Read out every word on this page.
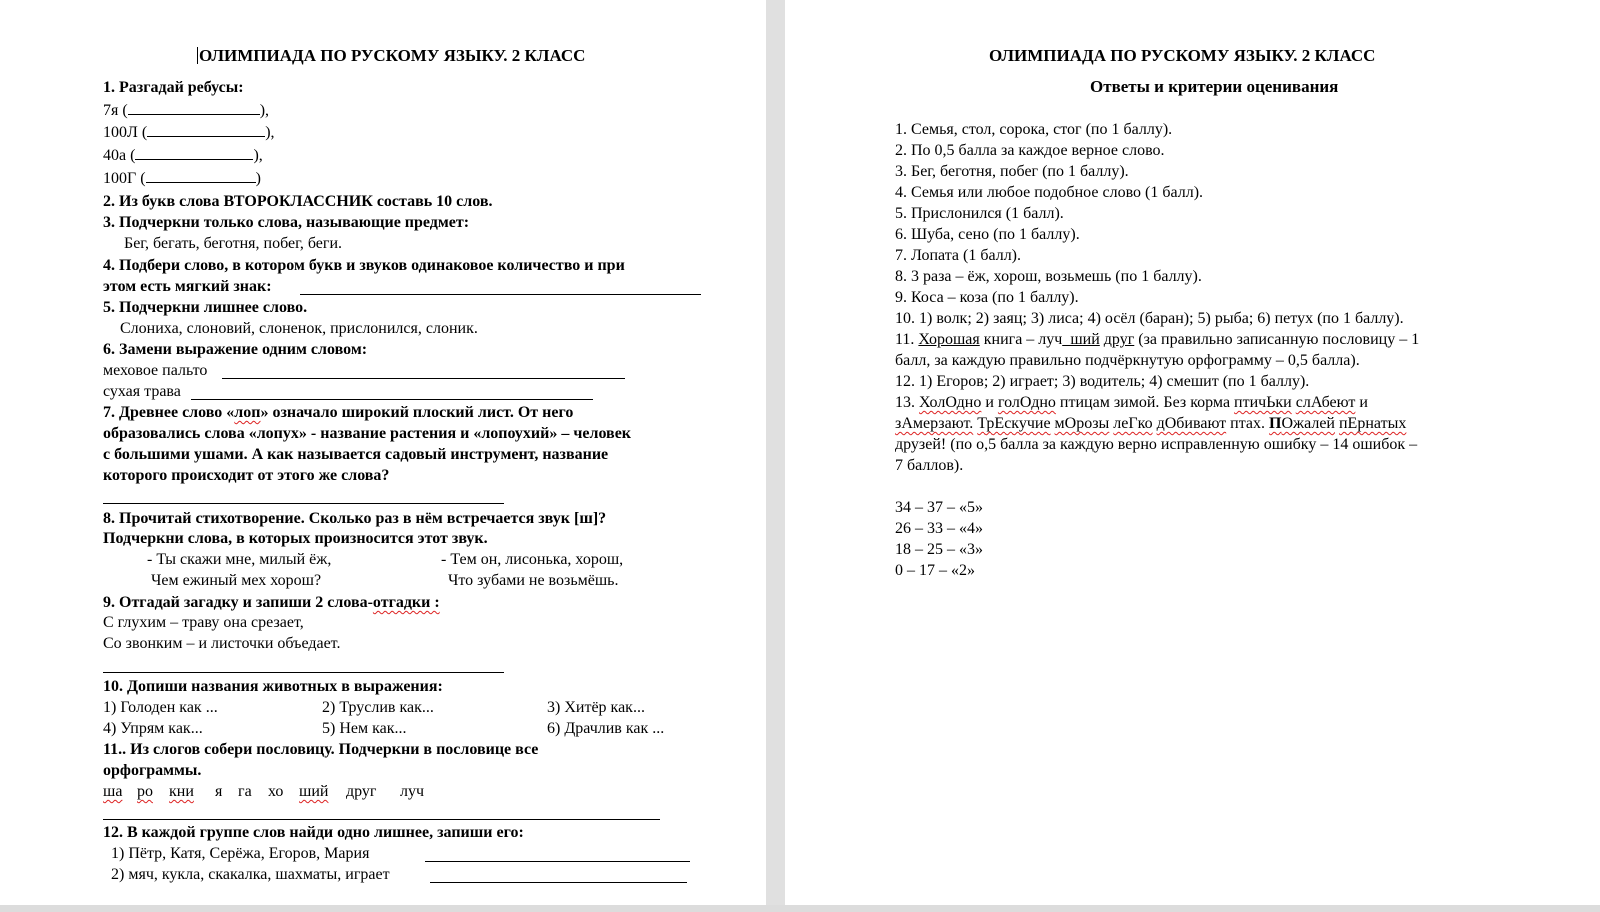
ОЛИМПИАДА ПО РУСКОМУ ЯЗЫКУ. 2 КЛАСС
1. Разгадай ребусы:
7я (	),
100Л (	),
40а (	),
100Г (	)
2. Из букв слова ВТОРОКЛАССНИК составь 10 слов.
3. Подчеркни только слова, называющие предмет:
Бег, бегать, беготня, побег, беги.
4. Подбери слово, в котором букв и звуков одинаковое количество и при
этом есть мягкий знак:
5. Подчеркни лишнее слово.
Слониха, слоновий, слоненок, прислонился, слоник.
6. Замени выражение одним словом:
меховое пальто
сухая трава
7. Древнее слово «лоп» означало широкий плоский лист. От него
образовались слова «лопух» - название растения и «лопоухий» – человек
с большими ушами. А как называется садовый инструмент, название
которого происходит от этого же слова?
8. Прочитай стихотворение. Сколько раз в нём встречается звук [ш]?
Подчеркни слова, в которых произносится этот звук.
- Ты скажи мне, милый ёж,	- Тем он, лисонька, хорош,
Чем ежиный мех хорош?	Что зубами не возьмёшь.
9. Отгадай загадку и запиши 2 слова-отгадки :
С глухим – траву она срезает,
Со звонким – и листочки объедает.
10. Допиши названия животных в выражения:
1) Голоден как ...	2) Труслив как...	3) Хитёр как...
4) Упрям как...	5) Нем как...	6) Драчлив как ...
11.. Из слогов собери пословицу. Подчеркни в пословице все
орфограммы.
ша ро кни я га хо ший друг луч
12. В каждой группе слов найди одно лишнее, запиши его:
1) Пётр, Катя, Серёжа, Егоров, Мария
2) мяч, кукла, скакалка, шахматы, играет
ОЛИМПИАДА ПО РУСКОМУ ЯЗЫКУ. 2 КЛАСС
Ответы и критерии оценивания
1. Семья, стол, сорока, стог (по 1 баллу).
2. По 0,5 балла за каждое верное слово.
3. Бег, беготня, побег (по 1 баллу).
4. Семья или любое подобное слово (1 балл).
5. Прислонился (1 балл).
6. Шуба, сено (по 1 баллу).
7. Лопата (1 балл).
8. 3 раза – ёж, хорош, возьмешь (по 1 баллу).
9. Коса – коза (по 1 баллу).
10. 1) волк; 2) заяц; 3) лиса; 4) осёл (баран); 5) рыба; 6) петух (по 1 баллу).
11. Хорошая книга – луч_ший друг (за правильно записанную пословицу – 1
балл, за каждую правильно подчёркнутую орфограмму – 0,5 балла).
12. 1) Егоров; 2) играет; 3) водитель; 4) смешит (по 1 баллу).
13. ХолОдно и голОдно птицам зимой. Без корма птичЬки слАбеют и
зАмерзают. ТрЕскучие мОрозы леГко дОбивают птах. ПОжалей пЕрнатых
друзей! (по о,5 балла за каждую верно исправленную ошибку – 14 ошибок –
7 баллов).
34 – 37 – «5»
26 – 33 – «4»
18 – 25 – «3»
0 – 17 – «2»
